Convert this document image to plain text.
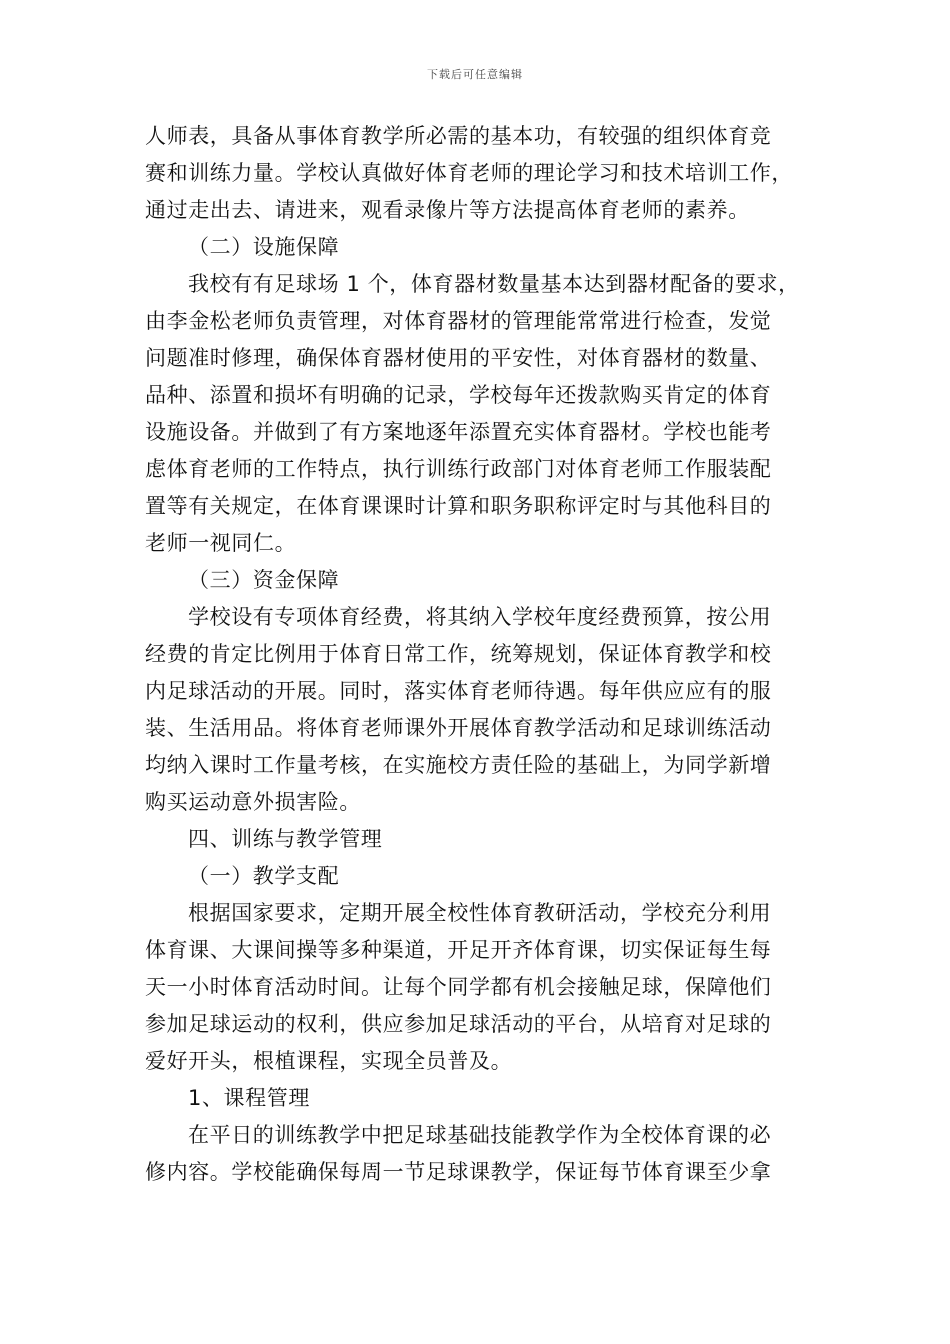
下载后可任意编辑
人师表，具备从事体育教学所必需的基本功，有较强的组织体育竞
赛和训练力量。学校认真做好体育老师的理论学习和技术培训工作，
通过走出去、请进来，观看录像片等方法提高体育老师的素养。
（二）设施保障
我校有有足球场 1 个，体育器材数量基本达到器材配备的要求，
由李金松老师负责管理，对体育器材的管理能常常进行检查，发觉
问题准时修理，确保体育器材使用的平安性，对体育器材的数量、
品种、添置和损坏有明确的记录，学校每年还拨款购买肯定的体育
设施设备。并做到了有方案地逐年添置充实体育器材。学校也能考
虑体育老师的工作特点，执行训练行政部门对体育老师工作服装配
置等有关规定，在体育课课时计算和职务职称评定时与其他科目的
老师一视同仁。
（三）资金保障
学校设有专项体育经费，将其纳入学校年度经费预算，按公用
经费的肯定比例用于体育日常工作，统筹规划，保证体育教学和校
内足球活动的开展。同时，落实体育老师待遇。每年供应应有的服
装、生活用品。将体育老师课外开展体育教学活动和足球训练活动
均纳入课时工作量考核，在实施校方责任险的基础上，为同学新增
购买运动意外损害险。
四、训练与教学管理
（一）教学支配
根据国家要求，定期开展全校性体育教研活动，学校充分利用
体育课、大课间操等多种渠道，开足开齐体育课，切实保证每生每
天一小时体育活动时间。让每个同学都有机会接触足球，保障他们
参加足球运动的权利，供应参加足球活动的平台，从培育对足球的
爱好开头，根植课程，实现全员普及。
1、课程管理
在平日的训练教学中把足球基础技能教学作为全校体育课的必
修内容。学校能确保每周一节足球课教学，保证每节体育课至少拿
